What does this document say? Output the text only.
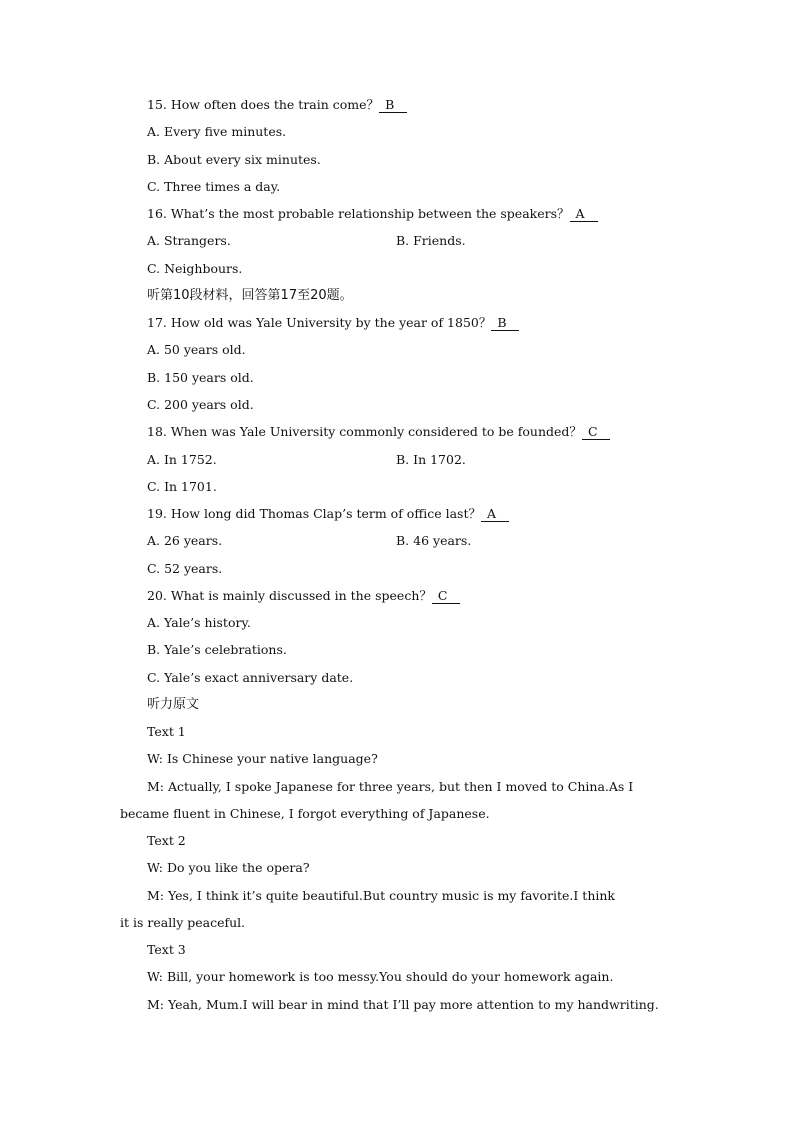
15. How often does the train come？ B
A. Every five minutes.
B. About every six minutes.
C. Three times a day.
16. What’s the most probable relationship between the speakers？ A
A. Strangers.	B. Friends.
C. Neighbours.
听第10段材料，回答第17至20题。
17. How old was Yale University by the year of 1850？ B
A. 50 years old.
B. 150 years old.
C. 200 years old.
18. When was Yale University commonly considered to be founded？ C
A. In 1752.	B. In 1702.
C. In 1701.
19. How long did Thomas Clap’s term of office last？ A
A. 26 years.	B. 46 years.
C. 52 years.
20. What is mainly discussed in the speech？ C
A. Yale’s history.
B. Yale’s celebrations.
C. Yale’s exact anniversary date.
听力原文
Text 1
W: Is Chinese your native language?
M: Actually, I spoke Japanese for three years, but then I moved to China.As I
became fluent in Chinese, I forgot everything of Japanese.
Text 2
W: Do you like the opera?
M: Yes, I think it’s quite beautiful.But country music is my favorite.I think
it is really peaceful.
Text 3
W: Bill, your homework is too messy.You should do your homework again.
M: Yeah, Mum.I will bear in mind that I’ll pay more attention to my handwriting.
